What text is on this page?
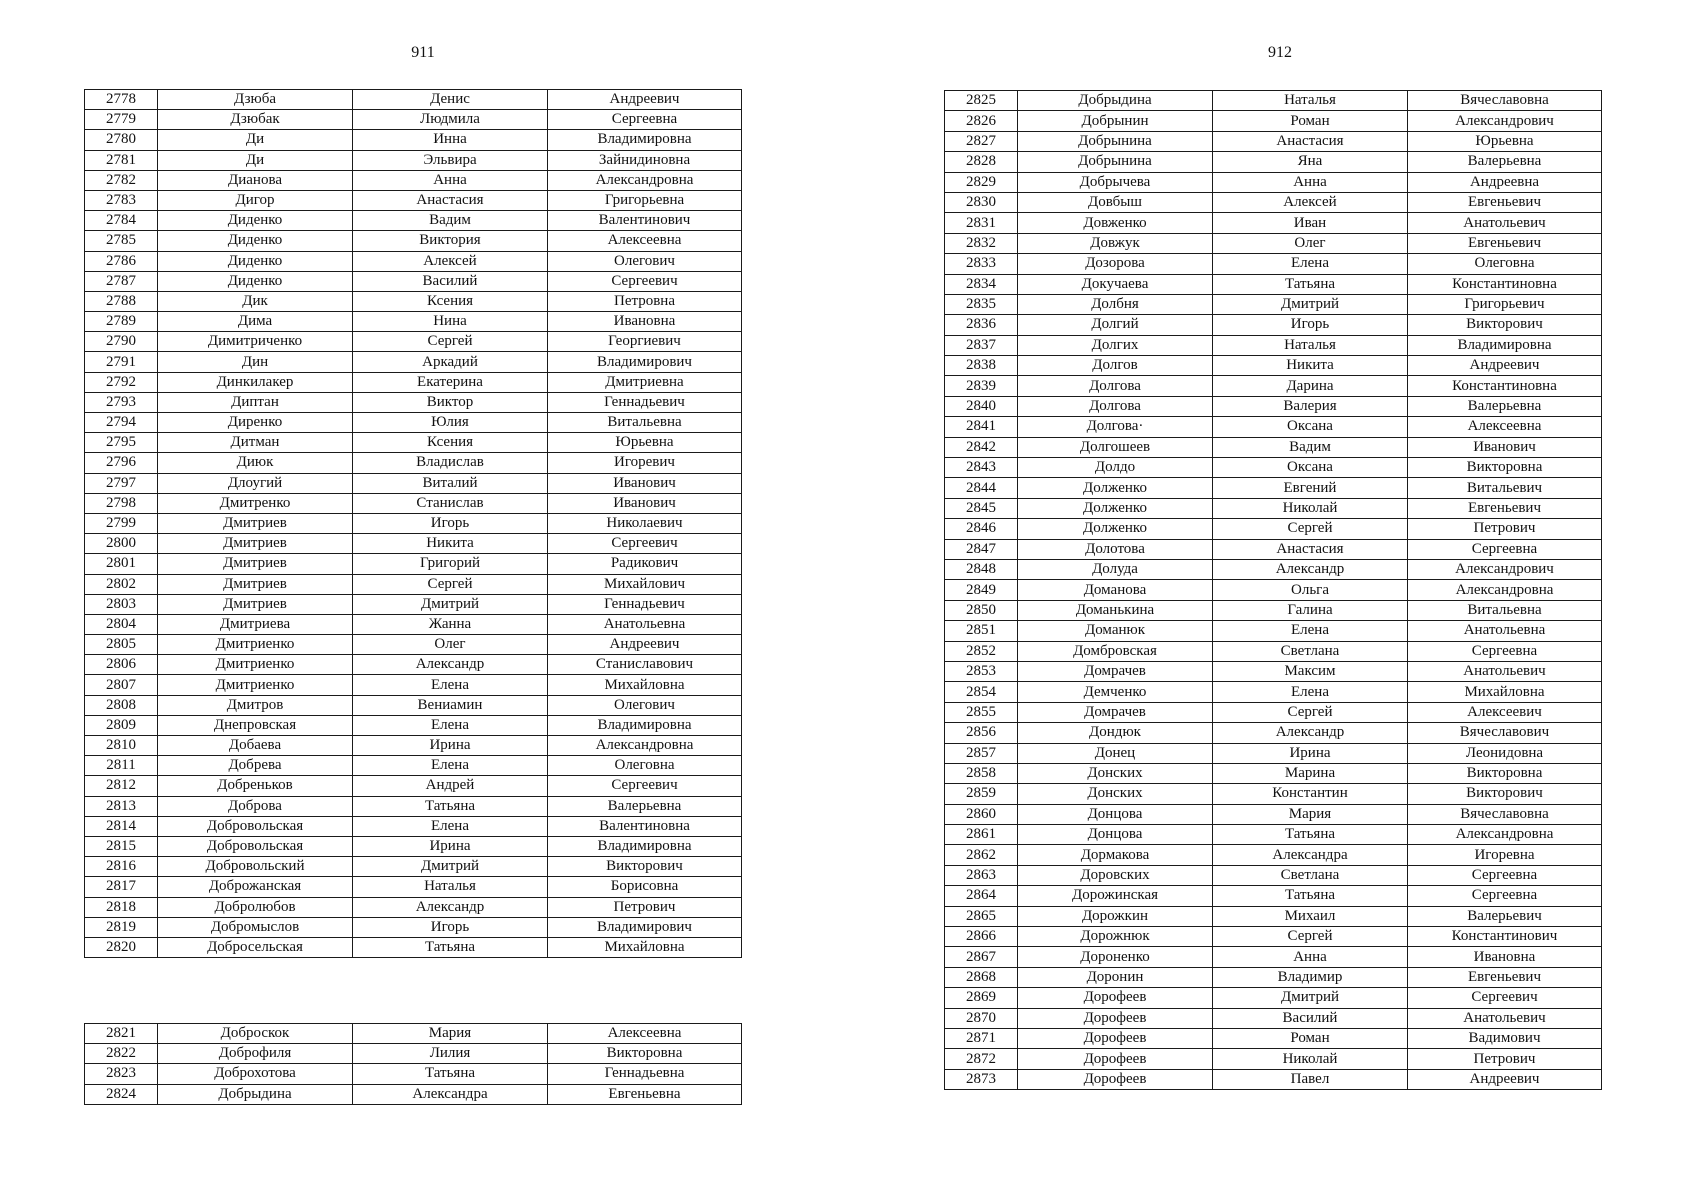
911	912
2778	Дзюба	Денис	Андреевич
2779	Дзюбак	Людмила	Сергеевна
2780	Ди	Инна	Владимировна
2781	Ди	Эльвира	Зайнидиновна
2782	Дианова	Анна	Александровна
2783	Дигор	Анастасия	Григорьевна
2784	Диденко	Вадим	Валентинович
2785	Диденко	Виктория	Алексеевна
2786	Диденко	Алексей	Олегович
2787	Диденко	Василий	Сергеевич
2788	Дик	Ксения	Петровна
2789	Дима	Нина	Ивановна
2790	Димитриченко	Сергей	Георгиевич
2791	Дин	Аркадий	Владимирович
2792	Динкилакер	Екатерина	Дмитриевна
2793	Диптан	Виктор	Геннадьевич
2794	Диренко	Юлия	Витальевна
2795	Дитман	Ксения	Юрьевна
2796	Диюк	Владислав	Игоревич
2797	Длоугий	Виталий	Иванович
2798	Дмитренко	Станислав	Иванович
2799	Дмитриев	Игорь	Николаевич
2800	Дмитриев	Никита	Сергеевич
2801	Дмитриев	Григорий	Радикович
2802	Дмитриев	Сергей	Михайлович
2803	Дмитриев	Дмитрий	Геннадьевич
2804	Дмитриева	Жанна	Анатольевна
2805	Дмитриенко	Олег	Андреевич
2806	Дмитриенко	Александр	Станиславович
2807	Дмитриенко	Елена	Михайловна
2808	Дмитров	Вениамин	Олегович
2809	Днепровская	Елена	Владимировна
2810	Добаева	Ирина	Александровна
2811	Добрева	Елена	Олеговна
2812	Добреньков	Андрей	Сергеевич
2813	Доброва	Татьяна	Валерьевна
2814	Добровольская	Елена	Валентиновна
2815	Добровольская	Ирина	Владимировна
2816	Добровольский	Дмитрий	Викторович
2817	Доброжанская	Наталья	Борисовна
2818	Добролюбов	Александр	Петрович
2819	Добромыслов	Игорь	Владимирович
2820	Добросельская	Татьяна	Михайловна
2821	Доброскок	Мария	Алексеевна
2822	Доброфиля	Лилия	Викторовна
2823	Доброхотова	Татьяна	Геннадьевна
2824	Добрыдина	Александра	Евгеньевна
2825	Добрыдина	Наталья	Вячеславовна
2826	Добрынин	Роман	Александрович
2827	Добрынина	Анастасия	Юрьевна
2828	Добрынина	Яна	Валерьевна
2829	Добрычева	Анна	Андреевна
2830	Довбыш	Алексей	Евгеньевич
2831	Довженко	Иван	Анатольевич
2832	Довжук	Олег	Евгеньевич
2833	Дозорова	Елена	Олеговна
2834	Докучаева	Татьяна	Константиновна
2835	Долбня	Дмитрий	Григорьевич
2836	Долгий	Игорь	Викторович
2837	Долгих	Наталья	Владимировна
2838	Долгов	Никита	Андреевич
2839	Долгова	Дарина	Константиновна
2840	Долгова	Валерия	Валерьевна
2841	Долгова·	Оксана	Алексеевна
2842	Долгошеев	Вадим	Иванович
2843	Долдо	Оксана	Викторовна
2844	Долженко	Евгений	Витальевич
2845	Долженко	Николай	Евгеньевич
2846	Долженко	Сергей	Петрович
2847	Долотова	Анастасия	Сергеевна
2848	Долуда	Александр	Александрович
2849	Доманова	Ольга	Александровна
2850	Доманькина	Галина	Витальевна
2851	Доманюк	Елена	Анатольевна
2852	Домбровская	Светлана	Сергеевна
2853	Домрачев	Максим	Анатольевич
2854	Демченко	Елена	Михайловна
2855	Домрачев	Сергей	Алексеевич
2856	Дондюк	Александр	Вячеславович
2857	Донец	Ирина	Леонидовна
2858	Донских	Марина	Викторовна
2859	Донских	Константин	Викторович
2860	Донцова	Мария	Вячеславовна
2861	Донцова	Татьяна	Александровна
2862	Дормакова	Александра	Игоревна
2863	Доровских	Светлана	Сергеевна
2864	Дорожинская	Татьяна	Сергеевна
2865	Дорожкин	Михаил	Валерьевич
2866	Дорожнюк	Сергей	Константинович
2867	Дороненко	Анна	Ивановна
2868	Доронин	Владимир	Евгеньевич
2869	Дорофеев	Дмитрий	Сергеевич
2870	Дорофеев	Василий	Анатольевич
2871	Дорофеев	Роман	Вадимович
2872	Дорофеев	Николай	Петрович
2873	Дорофеев	Павел	Андреевич
